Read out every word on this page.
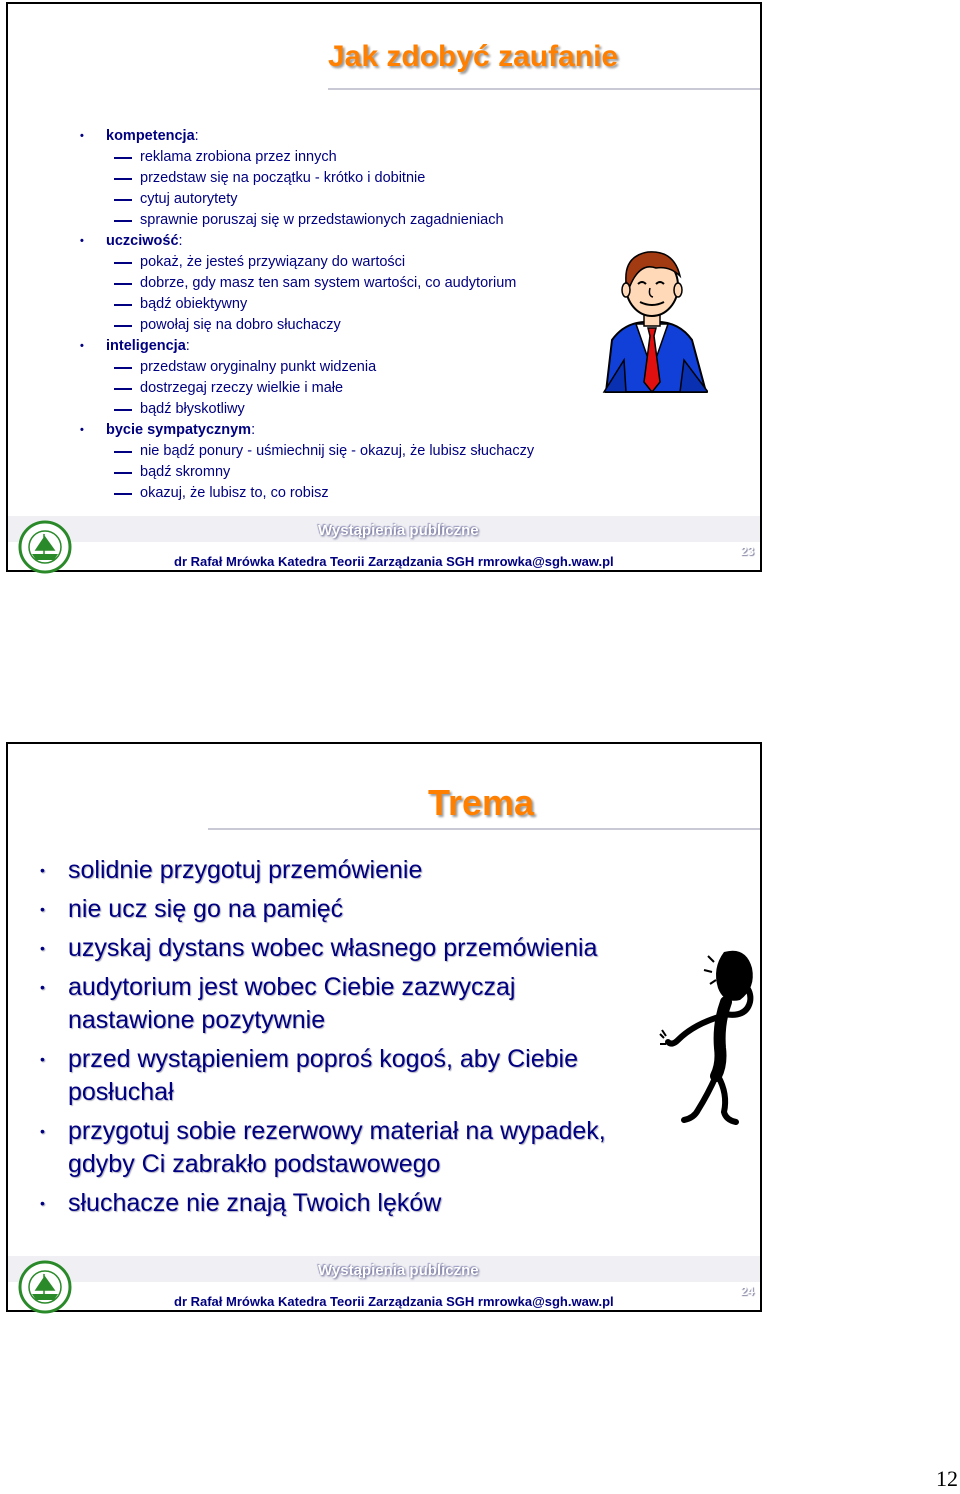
Jak zdobyć zaufanie
• kompetencja:
reklama zrobiona przez innych
przedstaw się na początku - krótko i dobitnie
cytuj autorytety
sprawnie poruszaj się w przedstawionych zagadnieniach
• uczciwość:
pokaż, że jesteś przywiązany do wartości
dobrze, gdy masz ten sam system wartości, co audytorium
bądź obiektywny
powołaj się na dobro słuchaczy
• inteligencja:
przedstaw oryginalny punkt widzenia
dostrzegaj rzeczy wielkie i małe
bądź błyskotliwy
• bycie sympatycznym:
nie bądź ponury - uśmiechnij się - okazuj, że lubisz słuchaczy
bądź skromny
okazuj, że lubisz to, co robisz
Wystąpienia publiczne
dr Rafał Mrówka Katedra Teorii Zarządzania SGH rmrowka@sgh.waw.pl
23
Trema
• solidnie przygotuj przemówienie
• nie ucz się go na pamięć
• uzyskaj dystans wobec własnego przemówienia
• audytorium jest wobec Ciebie zazwyczaj nastawione pozytywnie
• przed wystąpieniem poproś kogoś, aby Ciebie posłuchał
• przygotuj sobie rezerwowy materiał na wypadek, gdyby Ci zabrakło podstawowego
• słuchacze nie znają Twoich lęków
Wystąpienia publiczne
dr Rafał Mrówka Katedra Teorii Zarządzania SGH rmrowka@sgh.waw.pl
24
12
